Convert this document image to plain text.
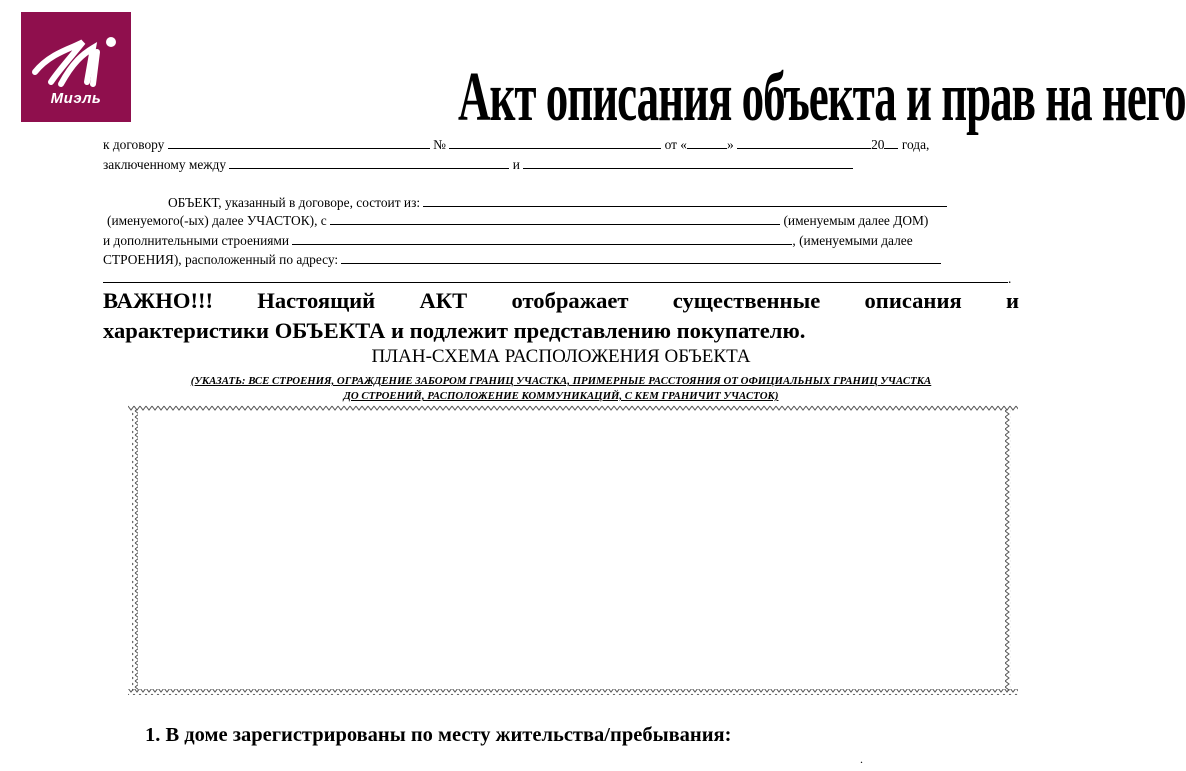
Миэль	Акт описания объекта и прав на него
к договору	№	от «	»	20 года,
заключенному между	и
ОБЪЕКТ, указанный в договоре, состоит из:
(именуемого(-ых) далее УЧАСТОК), с	(именуемым далее ДОМ)
и дополнительными строениями	, (именуемыми далее
СТРОЕНИЯ), расположенный по адресу:
.
ВАЖНО!!! Настоящий АКТ отображает существенные описания и
характеристики ОБЪЕКТА и подлежит представлению покупателю.
ПЛАН-СХЕМА РАСПОЛОЖЕНИЯ ОБЪЕКТА
(УКАЗАТЬ: ВСЕ СТРОЕНИЯ, ОГРАЖДЕНИЕ ЗАБОРОМ ГРАНИЦ УЧАСТКА, ПРИМЕРНЫЕ РАССТОЯНИЯ ОТ ОФИЦИАЛЬНЫХ ГРАНИЦ УЧАСТКА
ДО СТРОЕНИЙ, РАСПОЛОЖЕНИЕ КОММУНИКАЦИЙ, С КЕМ ГРАНИЧИТ УЧАСТОК)
1. В доме зарегистрированы по месту жительства/пребывания:
.
